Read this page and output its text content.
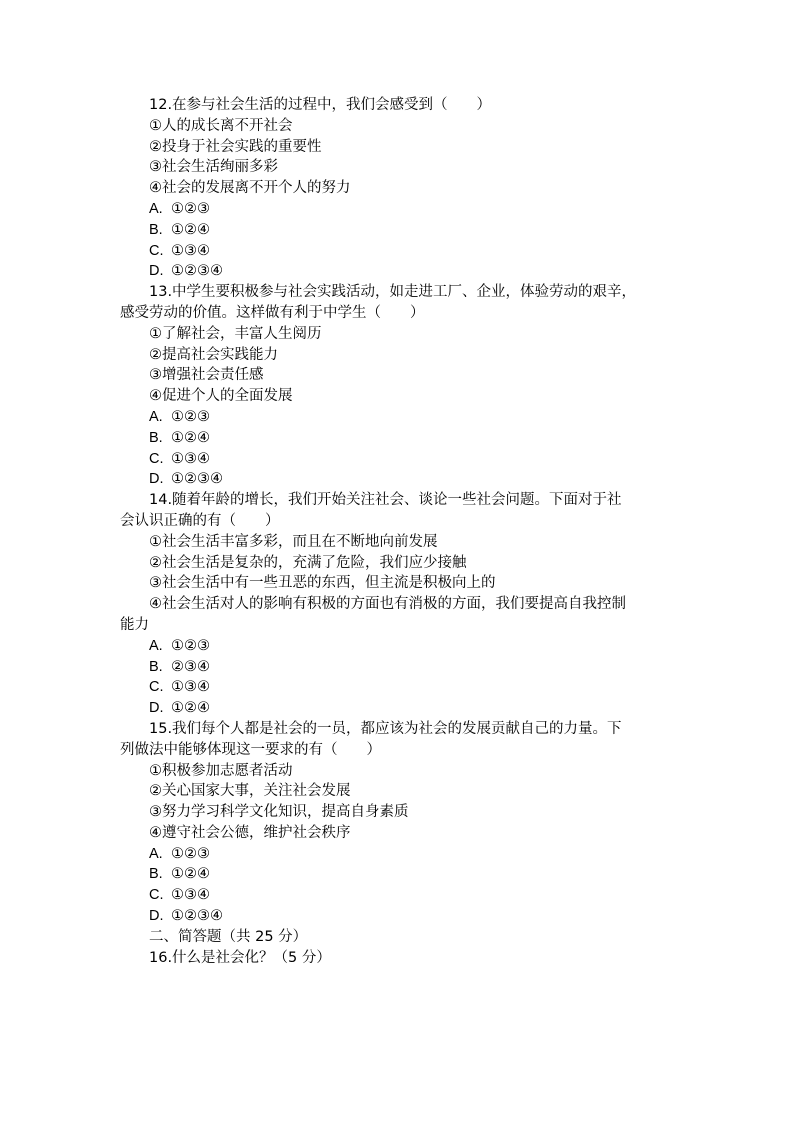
12.在参与社会生活的过程中，我们会感受到（　　）
①人的成长离不开社会
②投身于社会实践的重要性
③社会生活绚丽多彩
④社会的发展离不开个人的努力
A. ①②③
B. ①②④
C. ①③④
D. ①②③④
13.中学生要积极参与社会实践活动，如走进工厂、企业，体验劳动的艰辛，
感受劳动的价值。这样做有利于中学生（　　）
①了解社会，丰富人生阅历
②提高社会实践能力
③增强社会责任感
④促进个人的全面发展
A. ①②③
B. ①②④
C. ①③④
D. ①②③④
14.随着年龄的增长，我们开始关注社会、谈论一些社会问题。下面对于社
会认识正确的有（　　）
①社会生活丰富多彩，而且在不断地向前发展
②社会生活是复杂的，充满了危险，我们应少接触
③社会生活中有一些丑恶的东西，但主流是积极向上的
④社会生活对人的影响有积极的方面也有消极的方面，我们要提高自我控制
能力
A. ①②③
B. ②③④
C. ①③④
D. ①②④
15.我们每个人都是社会的一员，都应该为社会的发展贡献自己的力量。下
列做法中能够体现这一要求的有（　　）
①积极参加志愿者活动
②关心国家大事，关注社会发展
③努力学习科学文化知识，提高自身素质
④遵守社会公德，维护社会秩序
A. ①②③
B. ①②④
C. ①③④
D. ①②③④
二、简答题（共 25 分）
16.什么是社会化？（5 分）
